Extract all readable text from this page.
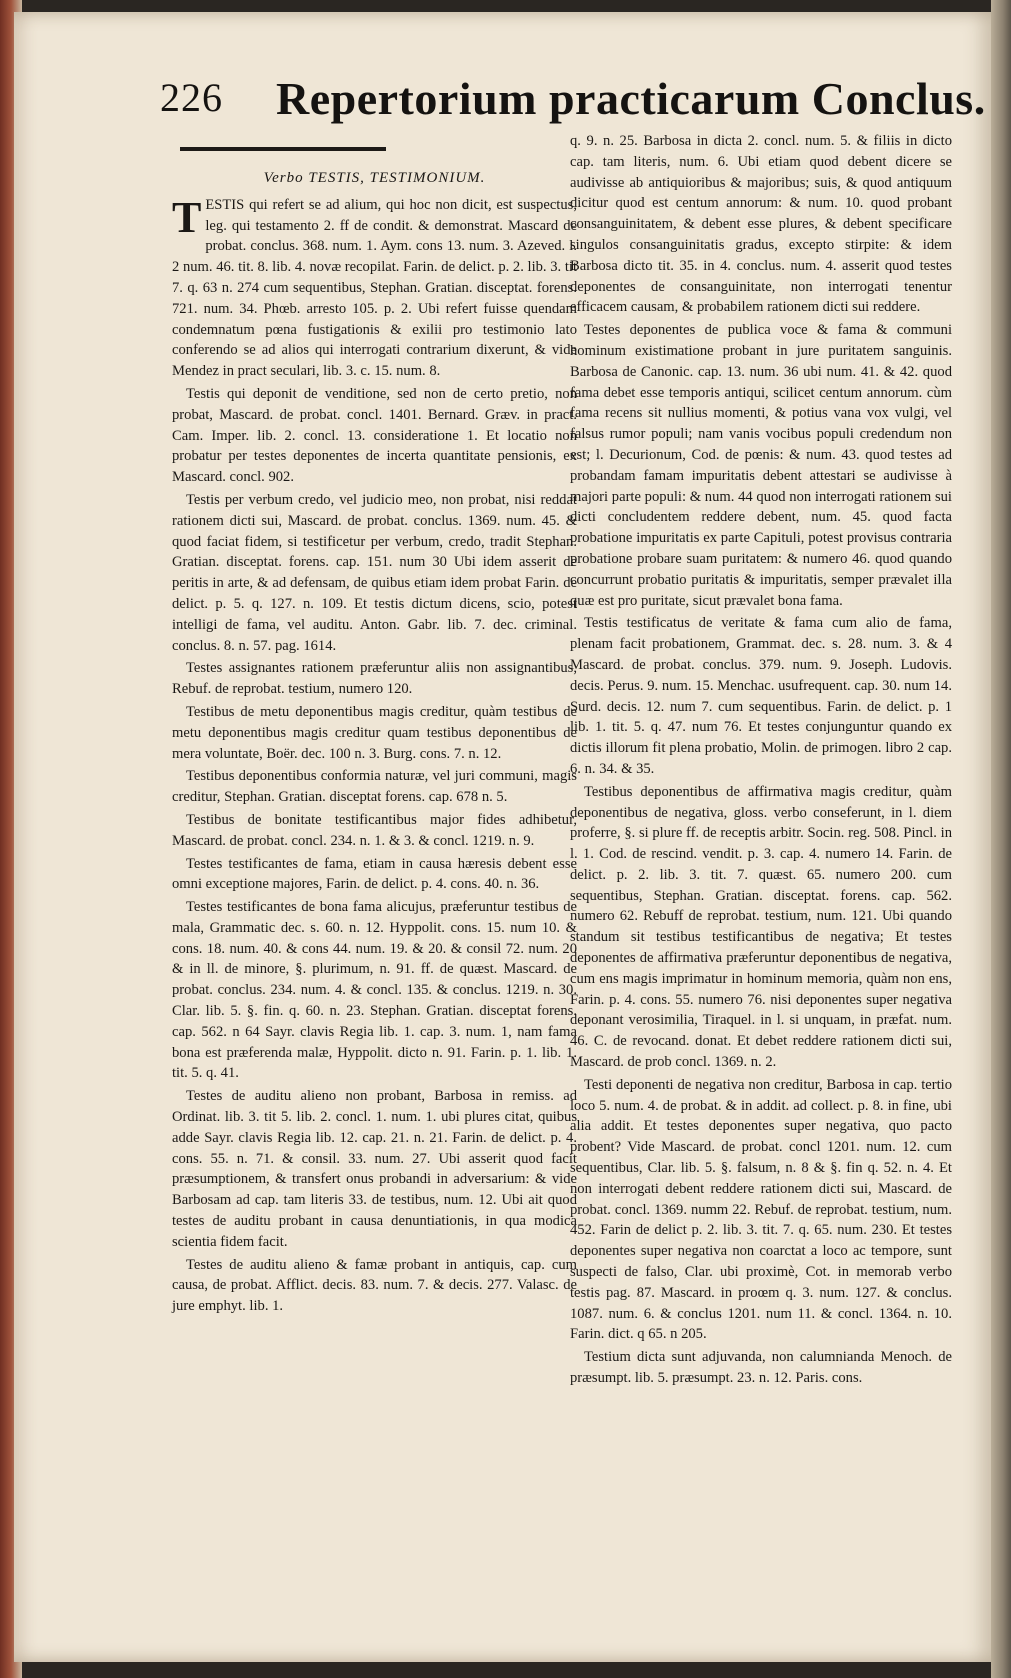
226 Repertorium practicarum Conclus.
Verbo TESTIS, TESTIMONIUM.

TESTIS qui refert se ad alium, qui hoc non dicit, est suspectus, leg. qui testamento 2. ff de condit. & demonstrat. Mascard de probat. conclus. 368. num. 1. Aym. cons 13. num. 3. Azeved. l. 2 num. 46. tit. 8. lib. 4. novæ recopilat. Farin. de delict. p. 2. lib. 3. tit 7. q. 63 n. 274 cum sequentibus, Stephan. Gratian. disceptat. forens. 721. num. 34. Phœb. arresto 105. p. 2. Ubi refert fuisse quendam condemnatum pœna fustigationis & exilii pro testimonio lato conferendo se ad alios qui interrogati contrarium dixerunt, & vide Mendez in pract seculari, lib. 3. c. 15. num. 8.

Testis qui deponit de venditione, sed non de certo pretio, non probat, Mascard. de probat. concl. 1401. Bernard. Græv. in pract. Cam. Imper. lib. 2. concl. 13. consideratione 1. Et locatio non probatur per testes deponentes de incerta quantitate pensionis, ex Mascard. concl. 902.

Testis per verbum credo, vel judicio meo, non probat, nisi reddat rationem dicti sui, Mascard. de probat. conclus. 1369. num. 45. & quod faciat fidem, si testificetur per verbum, credo, tradit Stephan. Gratian. disceptat. forens. cap. 151. num 30 Ubi idem asserit de peritis in arte, & ad defensam, de quibus etiam idem probat Farin. de delict. p. 5. q. 127. n. 109. Et testis dictum dicens, scio, potest intelligi de fama, vel auditu. Anton. Gabr. lib. 7. dec. criminal. conclus. 8. n. 57. pag. 1614.

Testes assignantes rationem præferuntur aliis non assignantibus, Rebuf. de reprobat. testium, numero 120.

Testibus de metu deponentibus magis creditur, quàm testibus de metu deponentibus magis creditur quam testibus deponentibus de mera voluntate, Boër. dec. 100 n. 3. Burg. cons. 7. n. 12.

Testibus deponentibus conformia naturæ, vel juri communi, magis creditur, Stephan. Gratian. disceptat forens. cap. 678 n. 5.

Testibus de bonitate testificantibus major fides adhibetur, Mascard. de probat. concl. 234. n. 1. & 3. & concl. 1219. n. 9.

Testes testificantes de fama, etiam in causa hæresis debent esse omni exceptione majores, Farin. de delict. p. 4. cons. 40. n. 36.

Testes testificantes de bona fama alicujus, præferuntur testibus de mala, Grammatic dec. s. 60. n. 12. Hyppolit. cons. 15. num 10. & cons. 18. num. 40. & cons 44. num. 19. & 20. & consil 72. num. 20 & in ll. de minore, §. plurimum, n. 91. ff. de quæst. Mascard. de probat. conclus. 234. num. 4. & concl. 135. & conclus. 1219. n. 30. Clar. lib. 5. §. fin. q. 60. n. 23. Stephan. Gratian. disceptat forens. cap. 562. n 64 Sayr. clavis Regia lib. 1. cap. 3. num. 1, nam fama bona est præferenda malæ, Hyppolit. dicto n. 91. Farin. p. 1. lib. 1. tit. 5. q. 41.

Testes de auditu alieno non probant, Barbosa in remiss. ad Ordinat. lib. 3. tit 5. lib. 2. concl. 1. num. 1. ubi plures citat, quibus adde Sayr. clavis Regia lib. 12. cap. 21. n. 21. Farin. de delict. p. 4. cons. 55. n. 71. & consil. 33. num. 27. Ubi asserit quod facit præsumptionem, & transfert onus probandi in adversarium: & vide Barbosam ad cap. tam literis 33. de testibus, num. 12. Ubi ait quod testes de auditu probant in causa denuntiationis, in qua modica scientia fidem facit.

Testes de auditu alieno & famæ probant in antiquis, cap. cum causa, de probat. Afflict. decis. 83. num. 7. & decis. 277. Valasc. de jure emphyt. lib. 1.

q. 9. n. 25. Barbosa in dicta 2. concl. num. 5. & filiis in dicto cap. tam literis, num. 6. Ubi etiam quod debent dicere se audivisse ab antiquioribus & majoribus; suis, & quod antiquum dicitur quod est centum annorum: & num. 10. quod probant consanguinitatem, & debent esse plures, & debent specificare singulos consanguinitatis gradus, excepto stirpite: & idem Barbosa dicto tit. 35. in 4. conclus. num. 4. asserit quod testes deponentes de consanguinitate, non interrogati tenentur efficacem causam, & probabilem rationem dicti sui reddere.

Testes deponentes de publica voce & fama & communi hominum existimatione probant in jure puritatem sanguinis. Barbosa de Canonic. cap. 13. num. 36 ubi num. 41. & 42. quod fama debet esse temporis antiqui, scilicet centum annorum. cùm fama recens sit nullius momenti, & potius vana vox vulgi, vel falsus rumor populi; nam vanis vocibus populi credendum non est; l. Decurionum, Cod. de pœnis: & num. 43. quod testes ad probandam famam impuritatis debent attestari se audivisse à majori parte populi: & num. 44 quod non interrogati rationem sui dicti concludentem reddere debent, num. 45. quod facta probatione impuritatis ex parte Capituli, potest provisus contraria probatione probare suam puritatem: & numero 46. quod quando concurrunt probatio puritatis & impuritatis, semper prævalet illa quæ est pro puritate, sicut prævalet bona fama.

Testis testificatus de veritate & fama cum alio de fama, plenam facit probationem, Grammat. dec. s. 28. num. 3. & 4 Mascard. de probat. conclus. 379. num. 9. Joseph. Ludovis. decis. Perus. 9. num. 15. Menchac. usufrequent. cap. 30. num 14. Surd. decis. 12. num 7. cum sequentibus. Farin. de delict. p. 1 lib. 1. tit. 5. q. 47. num 76. Et testes conjunguntur quando ex dictis illorum fit plena probatio, Molin. de primogen. libro 2 cap. 6. n. 34. & 35.

Testibus deponentibus de affirmativa magis creditur, quàm deponentibus de negativa, gloss. verbo conseferunt, in l. diem proferre, §. si plure ff. de receptis arbitr. Socin. reg. 508. Pincl. in l. 1. Cod. de rescind. vendit. p. 3. cap. 4. numero 14. Farin. de delict. p. 2. lib. 3. tit. 7. quæst. 65. numero 200. cum sequentibus, Stephan. Gratian. disceptat. forens. cap. 562. numero 62. Rebuff de reprobat. testium, num. 121. Ubi quando standum sit testibus testificantibus de negativa; Et testes deponentes de affirmativa præferuntur deponentibus de negativa, cum ens magis imprimatur in hominum memoria, quàm non ens, Farin. p. 4. cons. 55. numero 76. nisi deponentes super negativa deponant verosimilia, Tiraquel. in l. si unquam, in præfat. num. 46. C. de revocand. donat. Et debet reddere rationem dicti sui, Mascard. de prob concl. 1369. n. 2.

Testi deponenti de negativa non creditur, Barbosa in cap. tertio loco 5. num. 4. de probat. & in addit. ad collect. p. 8. in fine, ubi alia addit. Et testes deponentes super negativa, quo pacto probent? Vide Mascard. de probat. concl 1201. num. 12. cum sequentibus, Clar. lib. 5. §. falsum, n. 8 & §. fin q. 52. n. 4. Et non interrogati debent reddere rationem dicti sui, Mascard. de probat. concl. 1369. numm 22. Rebuf. de reprobat. testium, num. 452. Farin de delict p. 2. lib. 3. tit. 7. q. 65. num. 230. Et testes deponentes super negativa non coarctat a loco ac tempore, sunt suspecti de falso, Clar. ubi proximè, Cot. in memorab verbo testis pag. 87. Mascard. in proœm q. 3. num. 127. & conclus. 1087. num. 6. & conclus 1201. num 11. & concl. 1364. n. 10. Farin. dict. q 65. n 205.

Testium dicta sunt adjuvanda, non calumnianda Menoch. de præsumpt. lib. 5. præsumpt. 23. n. 12. Paris. cons.
